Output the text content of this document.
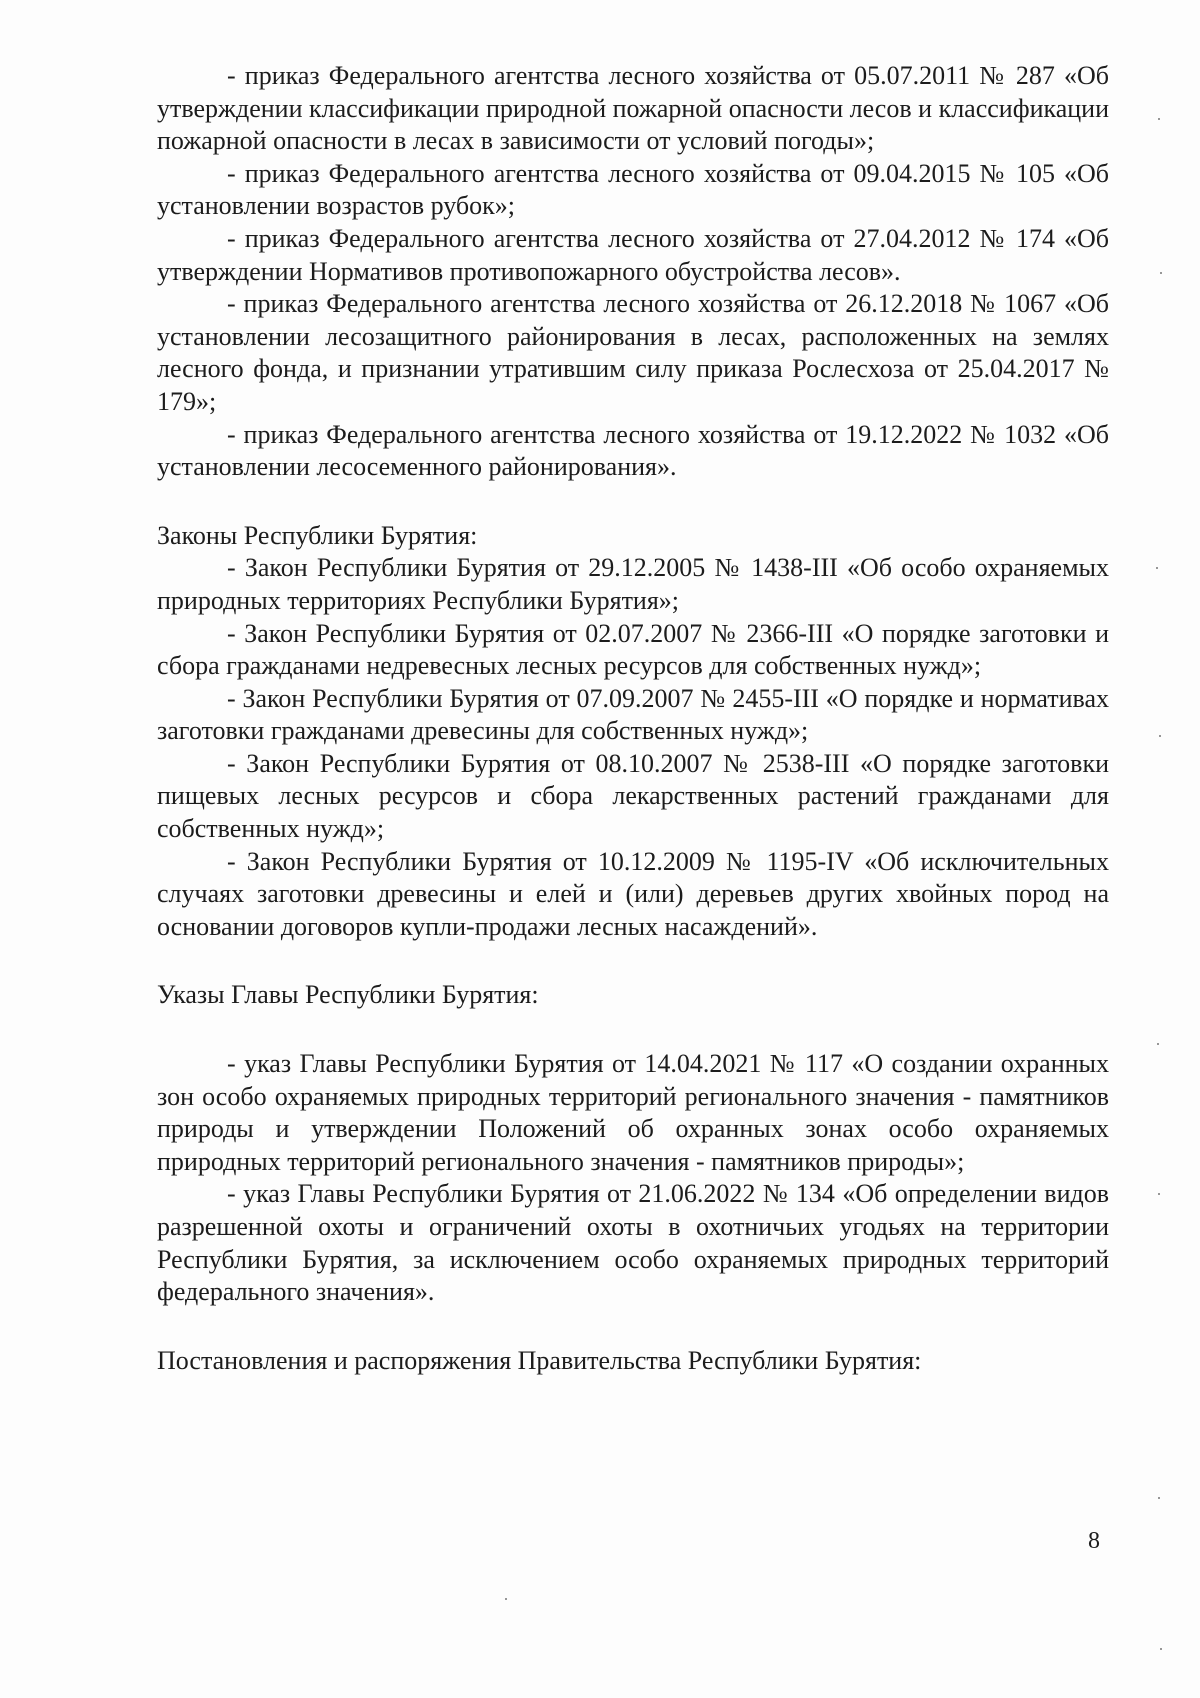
- приказ Федерального агентства лесного хозяйства от 05.07.2011 № 287 «Об утверждении классификации природной пожарной опасности лесов и классификации пожарной опасности в лесах в зависимости от условий погоды»;

- приказ Федерального агентства лесного хозяйства от 09.04.2015 № 105 «Об установлении возрастов рубок»;

- приказ Федерального агентства лесного хозяйства от 27.04.2012 № 174 «Об утверждении Нормативов противопожарного обустройства лесов».

- приказ Федерального агентства лесного хозяйства от 26.12.2018 № 1067 «Об установлении лесозащитного районирования в лесах, расположенных на землях лесного фонда, и признании утратившим силу приказа Рослесхоза от 25.04.2017 № 179»;

- приказ Федерального агентства лесного хозяйства от 19.12.2022 № 1032 «Об установлении лесосеменного районирования».

Законы Республики Бурятия:

- Закон Республики Бурятия от 29.12.2005 № 1438-III «Об особо охраняемых природных территориях Республики Бурятия»;

- Закон Республики Бурятия от 02.07.2007 № 2366-III «О порядке заготовки и сбора гражданами недревесных лесных ресурсов для собственных нужд»;

- Закон Республики Бурятия от 07.09.2007 № 2455-III «О порядке и нормативах заготовки гражданами древесины для собственных нужд»;

- Закон Республики Бурятия от 08.10.2007 № 2538-III «О порядке заготовки пищевых лесных ресурсов и сбора лекарственных растений гражданами для собственных нужд»;

- Закон Республики Бурятия от 10.12.2009 № 1195-IV «Об исключительных случаях заготовки древесины и елей и (или) деревьев других хвойных пород на основании договоров купли-продажи лесных насаждений».

Указы Главы Республики Бурятия:

- указ Главы Республики Бурятия от 14.04.2021 № 117 «О создании охранных зон особо охраняемых природных территорий регионального значения - памятников природы и утверждении Положений об охранных зонах особо охраняемых природных территорий регионального значения - памятников природы»;

- указ Главы Республики Бурятия от 21.06.2022 № 134 «Об определении видов разрешенной охоты и ограничений охоты в охотничьих угодьях на территории Республики Бурятия, за исключением особо охраняемых природных территорий федерального значения».

Постановления и распоряжения Правительства Республики Бурятия:

8
